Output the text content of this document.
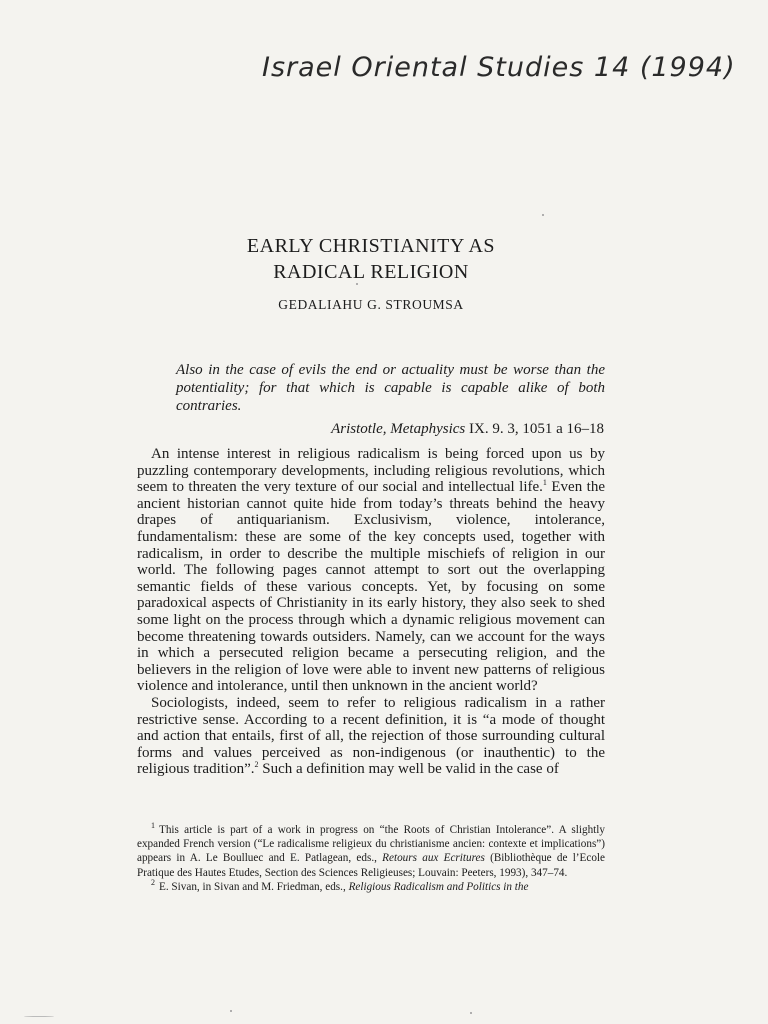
Israel Oriental Studies 14 (1994)
EARLY CHRISTIANITY AS
RADICAL RELIGION
GEDALIAHU G. STROUMSA
Also in the case of evils the end or actuality must be worse than the potentiality; for that which is capable is capable alike of both contraries.
Aristotle, Metaphysics IX. 9. 3, 1051 a 16–18

An intense interest in religious radicalism is being forced upon us by puzzling contemporary developments, including religious revolutions, which seem to threaten the very texture of our social and intellectual life.$^1$ Even the ancient historian cannot quite hide from today’s threats behind the heavy drapes of antiquarianism. Exclusivism, violence, intolerance, fundamentalism: these are some of the key concepts used, together with radicalism, in order to describe the multiple mischiefs of religion in our world. The following pages cannot attempt to sort out the overlapping semantic fields of these various concepts. Yet, by focusing on some paradoxical aspects of Christianity in its early history, they also seek to shed some light on the process through which a dynamic religious movement can become threatening towards outsiders. Namely, can we account for the ways in which a persecuted religion became a persecuting religion, and the believers in the religion of love were able to invent new patterns of religious violence and intolerance, until then unknown in the ancient world?

Sociologists, indeed, seem to refer to religious radicalism in a rather restrictive sense. According to a recent definition, it is “a mode of thought and action that entails, first of all, the rejection of those surrounding cultural forms and values perceived as non-indigenous (or inauthentic) to the religious tradition”.$^2$ Such a definition may well be valid in the case of

$^1$ This article is part of a work in progress on “the Roots of Christian Intolerance”. A slightly expanded French version (“Le radicalisme religieux du christianisme ancien: contexte et implications”) appears in A. Le Boulluec and E. Patlagean, eds., Retours aux Ecritures (Bibliothèque de l’Ecole Pratique des Hautes Etudes, Section des Sciences Religieuses; Louvain: Peeters, 1993), 347–74.

$^2$ E. Sivan, in Sivan and M. Friedman, eds., Religious Radicalism and Politics in the
